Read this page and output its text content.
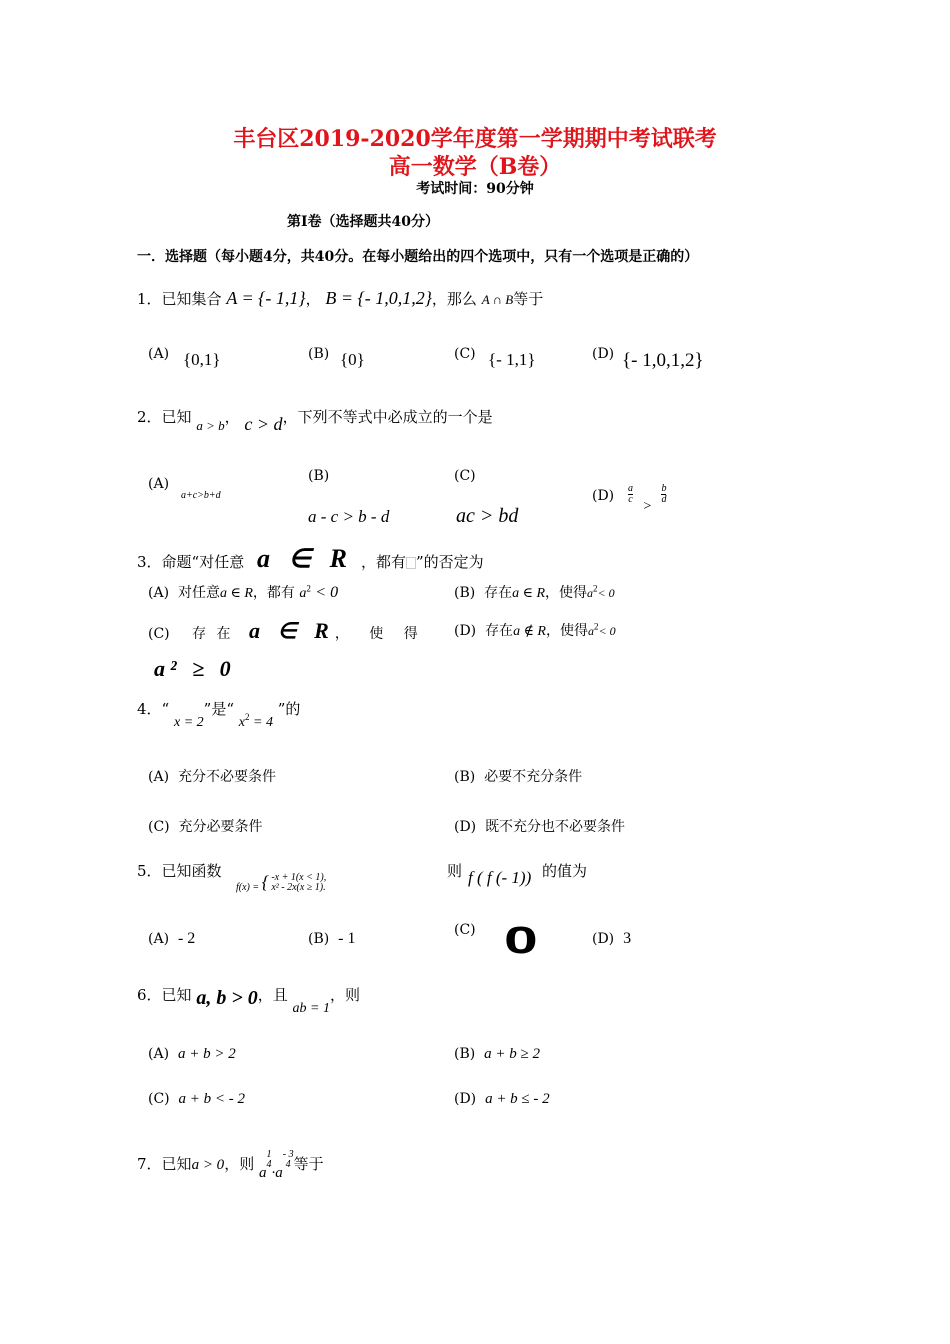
丰台区2019-2020学年度第一学期期中考试联考
高一数学（B卷）
考试时间：90分钟
第I卷（选择题共40分）
一．选择题（每小题4分，共40分。在每小题给出的四个选项中，只有一个选项是正确的）
1．已知集合 A = {- 1,1}， B = {- 1,0,1,2}，那么 A ∩ B等于
(A) {0,1}	(B) {0}	(C) {- 1,1}	(D) {- 1,0,1,2}
2．已知 a > b， c > d，下列不等式中必成立的一个是
(A)
a+c>b+d
(B)
a - c > b - d
(C)
ac > bd
$(D) \frac{a}{c}$
>
$\frac{b}{d}$
3．命题“对任意 a ∈ R ，都有 ”的否定为
(A) 对任意a ∈ R，都有 $a^2 < 0$	(B) 存在a ∈ R，使得$a^2< 0$
(C) 存 在 a ∈ R， 使 得	(D) 存在a ∉ R，使得$a^2< 0$
a² ≥ 0
4．“ x = 2”是“ $x^2 = 4$ ”的
(A) 充分不必要条件	(B) 必要不充分条件
(C) 充分必要条件	(D) 既不充分也不必要条件
5．已知函数
f(x) = { -x + 1(x < 1),
x² - 2x(x ≥ 1).
则 f ( f (- 1)) 的值为
(A) - 2	(B) - 1	(C) 0	(D) 3
6．已知 a, b > 0，且 ab = 1，则
(A) a + b > 2	(B) a + b ≥ 2
(C) a + b < - 2	(D) a + b ≤ - 2
7．已知a > 0，则 a
1
4
·a
- 3
4 等于
